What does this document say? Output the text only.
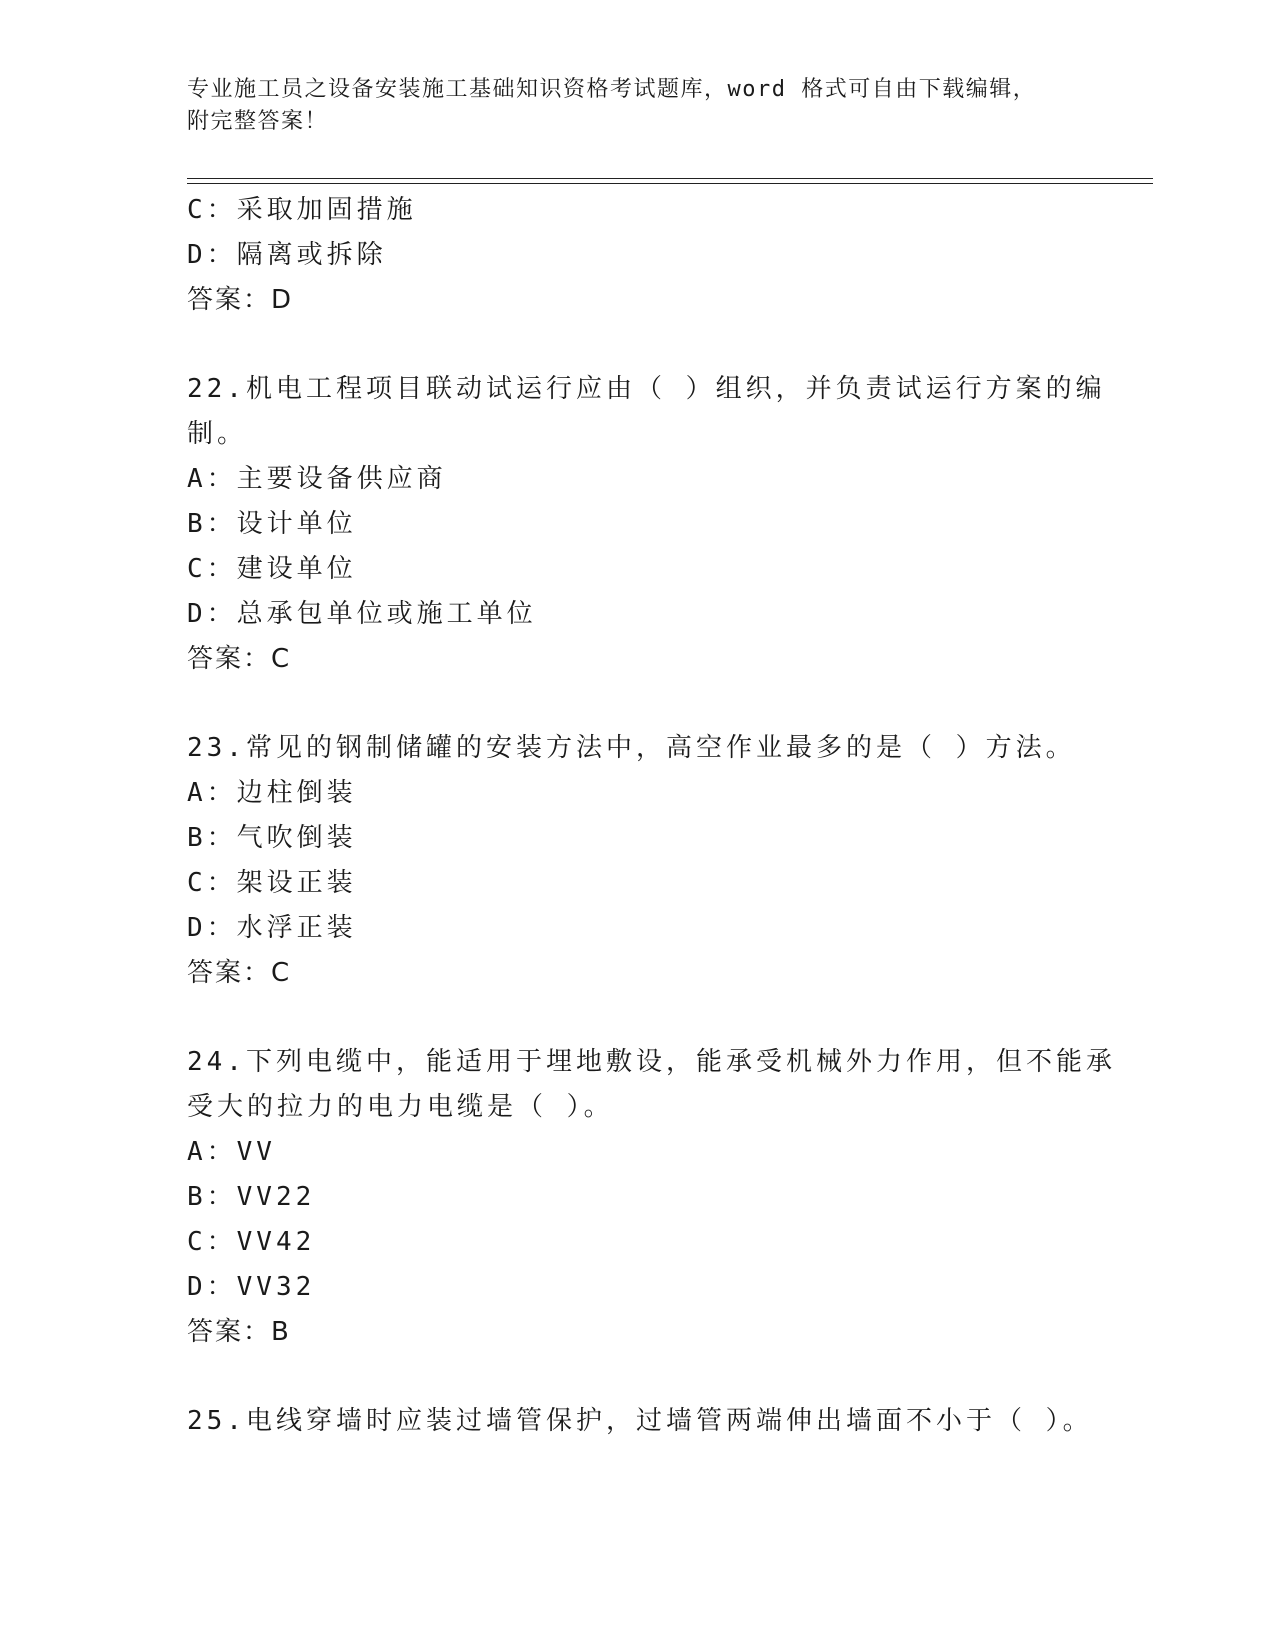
专业施工员之设备安装施工基础知识资格考试题库，word 格式可自由下载编辑，
附完整答案！
C：采取加固措施
D：隔离或拆除
答案：D
22.机电工程项目联动试运行应由（ ）组织，并负责试运行方案的编
制。
A：主要设备供应商
B：设计单位
C：建设单位
D：总承包单位或施工单位
答案：C
23.常见的钢制储罐的安装方法中，高空作业最多的是（ ）方法。
A：边柱倒装
B：气吹倒装
C：架设正装
D：水浮正装
答案：C
24.下列电缆中，能适用于埋地敷设，能承受机械外力作用，但不能承
受大的拉力的电力电缆是（ ）。
A：VV
B：VV22
C：VV42
D：VV32
答案：B
25.电线穿墙时应装过墙管保护，过墙管两端伸出墙面不小于（ ）。
